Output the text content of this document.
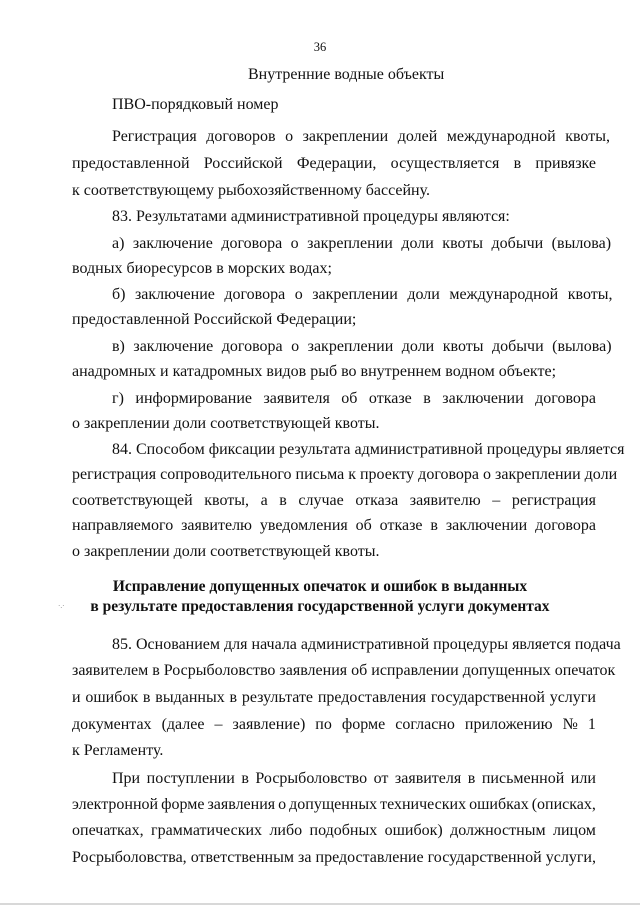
36
Внутренние водные объекты
ПВО-порядковый номер
Регистрация договоров о закреплении долей международной квоты,
предоставленной Российской Федерации, осуществляется в привязке
к соответствующему рыбохозяйственному бассейну.
83. Результатами административной процедуры являются:
а) заключение договора о закреплении доли квоты добычи (вылова)
водных биоресурсов в морских водах;
б) заключение договора о закреплении доли международной квоты,
предоставленной Российской Федерации;
в) заключение договора о закреплении доли квоты добычи (вылова)
анадромных и катадромных видов рыб во внутреннем водном объекте;
г) информирование заявителя об отказе в заключении договора
о закреплении доли соответствующей квоты.
84. Способом фиксации результата административной процедуры является
регистрация сопроводительного письма к проекту договора о закреплении доли
соответствующей квоты, а в случае отказа заявителю – регистрация
направляемого заявителю уведомления об отказе в заключении договора
о закреплении доли соответствующей квоты.
Исправление допущенных опечаток и ошибок в выданных
в результате предоставления государственной услуги документах
·.·
85. Основанием для начала административной процедуры является подача
заявителем в Росрыболовство заявления об исправлении допущенных опечаток
и ошибок в выданных в результате предоставления государственной услуги
документах (далее – заявление) по форме согласно приложению № 1
к Регламенту.
При поступлении в Росрыболовство от заявителя в письменной или
электронной форме заявления о допущенных технических ошибках (описках,
опечатках, грамматических либо подобных ошибок) должностным лицом
Росрыболовства, ответственным за предоставление государственной услуги,
